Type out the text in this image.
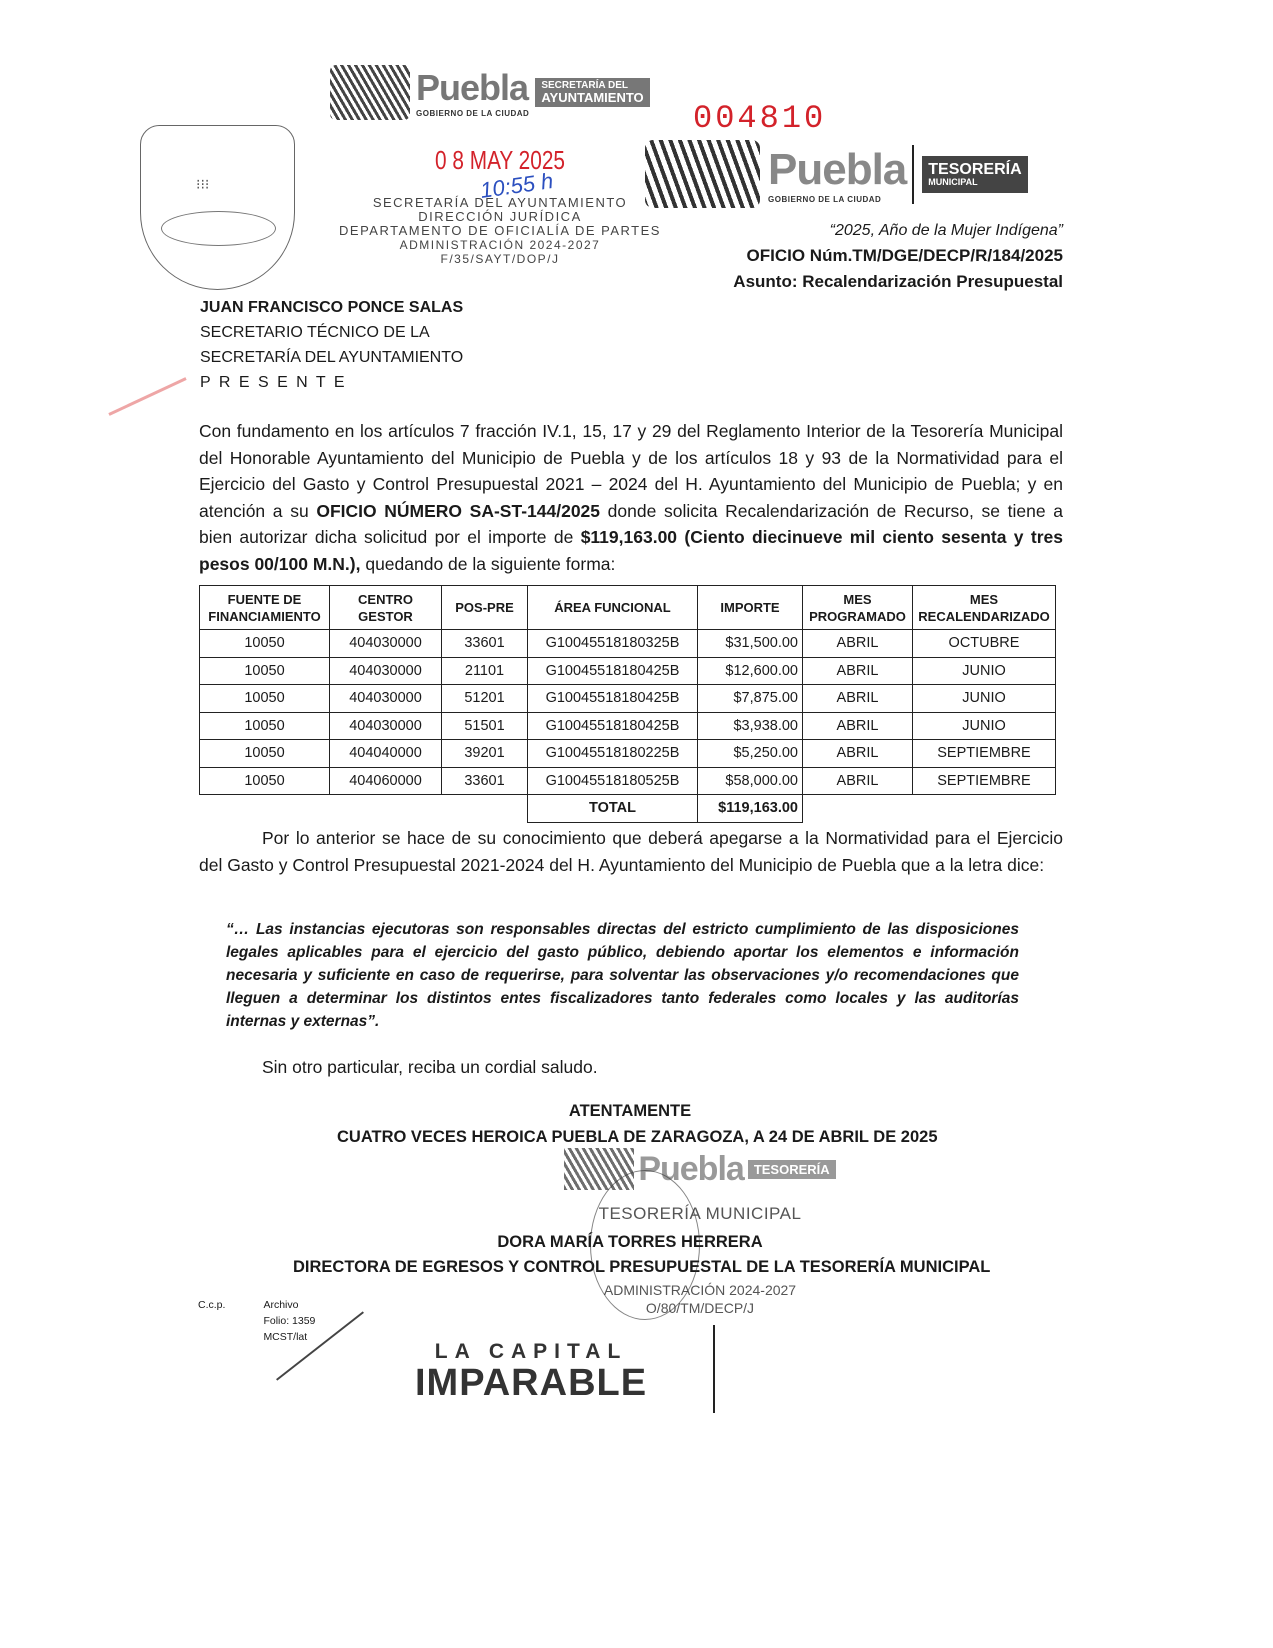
⁝⁝⁝
Puebla
GOBIERNO DE LA CIUDAD
SECRETARÍA DEL
AYUNTAMIENTO
0 8 MAY 2025
10:55 h
SECRETARÍA DEL AYUNTAMIENTO
DIRECCIÓN JURÍDICA
DEPARTAMENTO DE OFICIALÍA DE PARTES
ADMINISTRACIÓN 2024-2027
F/35/SAYT/DOP/J
004810
Puebla
GOBIERNO DE LA CIUDAD
TESORERÍA
MUNICIPAL
“2025, Año de la Mujer Indígena”
OFICIO Núm.TM/DGE/DECP/R/184/2025
Asunto: Recalendarización Presupuestal
JUAN FRANCISCO PONCE SALAS
SECRETARIO TÉCNICO DE LA
SECRETARÍA DEL AYUNTAMIENTO
P R E S E N T E
Con fundamento en los artículos 7 fracción IV.1, 15, 17 y 29 del Reglamento Interior de la Tesorería Municipal del Honorable Ayuntamiento del Municipio de Puebla y de los artículos 18 y 93 de la Normatividad para el Ejercicio del Gasto y Control Presupuestal 2021 – 2024 del H. Ayuntamiento del Municipio de Puebla; y en atención a su OFICIO NÚMERO SA-ST-144/2025 donde solicita Recalendarización de Recurso, se tiene a bien autorizar dicha solicitud por el importe de $119,163.00 (Ciento diecinueve mil ciento sesenta y tres pesos 00/100 M.N.), quedando de la siguiente forma:
FUENTE DE FINANCIAMIENTO	CENTRO GESTOR	POS-PRE	ÁREA FUNCIONAL	IMPORTE	MES PROGRAMADO	MES RECALENDARIZADO
10050	404030000	33601	G10045518180325B	$31,500.00	ABRIL	OCTUBRE
10050	404030000	21101	G10045518180425B	$12,600.00	ABRIL	JUNIO
10050	404030000	51201	G10045518180425B	$7,875.00	ABRIL	JUNIO
10050	404030000	51501	G10045518180425B	$3,938.00	ABRIL	JUNIO
10050	404040000	39201	G10045518180225B	$5,250.00	ABRIL	SEPTIEMBRE
10050	404060000	33601	G10045518180525B	$58,000.00	ABRIL	SEPTIEMBRE
			TOTAL	$119,163.00		
Por lo anterior se hace de su conocimiento que deberá apegarse a la Normatividad para el Ejercicio del Gasto y Control Presupuestal 2021-2024 del H. Ayuntamiento del Municipio de Puebla que a la letra dice:
“… Las instancias ejecutoras son responsables directas del estricto cumplimiento de las disposiciones legales aplicables para el ejercicio del gasto público, debiendo aportar los elementos e información necesaria y suficiente en caso de requerirse, para solventar las observaciones y/o recomendaciones que lleguen a determinar los distintos entes fiscalizadores tanto federales como locales y las auditorías internas y externas”.
Sin otro particular, reciba un cordial saludo.
ATENTAMENTE
CUATRO VECES HEROICA PUEBLA DE ZARAGOZA, A 24 DE ABRIL DE 2025
Puebla TESORERÍA
TESORERÍA MUNICIPAL
ADMINISTRACIÓN 2024-2027
O/80/TM/DECP/J
DORA MARÍA TORRES HERRERA
DIRECTORA DE EGRESOS Y CONTROL PRESUPUESTAL DE LA TESORERÍA MUNICIPAL
C.c.p.	Archivo
Folio: 1359
MCST/lat
LA CAPITAL
IMPARABLE
